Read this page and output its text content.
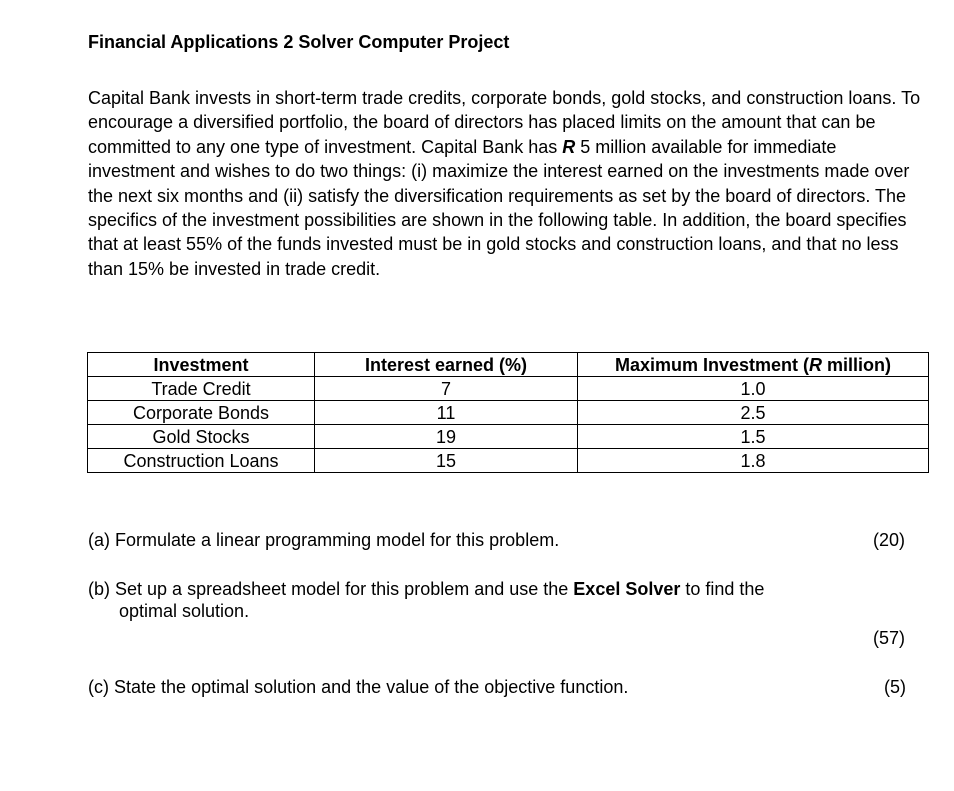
Financial Applications 2 Solver Computer Project

Capital Bank invests in short-term trade credits, corporate bonds, gold stocks, and construction loans. To encourage a diversified portfolio, the board of directors has placed limits on the amount that can be committed to any one type of investment. Capital Bank has R 5 million available for immediate investment and wishes to do two things: (i) maximize the interest earned on the investments made over the next six months and (ii) satisfy the diversification requirements as set by the board of directors. The specifics of the investment possibilities are shown in the following table. In addition, the board specifies that at least 55% of the funds invested must be in gold stocks and construction loans, and that no less than 15% be invested in trade credit.

Investment	Interest earned (%)	Maximum Investment (R million)
Trade Credit	7	1.0
Corporate Bonds	11	2.5
Gold Stocks	19	1.5
Construction Loans	15	1.8

(a) Formulate a linear programming model for this problem.	(20)

(b) Set up a spreadsheet model for this problem and use the Excel Solver to find the
optimal solution.

(57)

(c) State the optimal solution and the value of the objective function.	(5)
